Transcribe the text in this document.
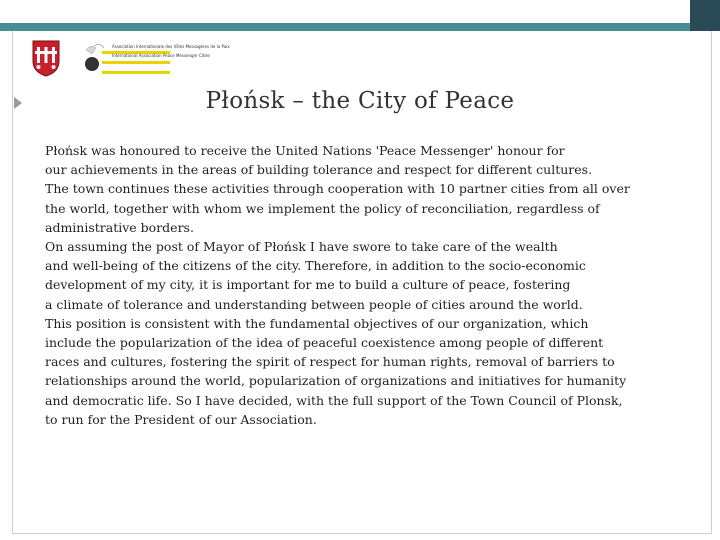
Association Internationale des Villes Messagères de la Paix
International Association Peace Messenger Cities
Płońsk – the City of Peace
Płońsk was honoured to receive the United Nations 'Peace Messenger' honour for
our achievements in the areas of building tolerance and respect for different cultures.
The town continues these activities through cooperation with 10 partner cities from all over
the world, together with whom we implement the policy of reconciliation, regardless of
administrative borders.
On assuming the post of Mayor of Płońsk I have swore to take care of the wealth
and well-being of the citizens of the city. Therefore, in addition to the socio-economic
development of my city, it is important for me to build a culture of peace, fostering
a climate of tolerance and understanding between people of cities around the world.
This position is consistent with the fundamental objectives of our organization, which
include the popularization of the idea of peaceful coexistence among people of different
races and cultures, fostering the spirit of respect for human rights, removal of barriers to
relationships around the world, popularization of organizations and initiatives for humanity
and democratic life. So I have decided, with the full support of the Town Council of Plonsk,
to run for the President of our Association.
